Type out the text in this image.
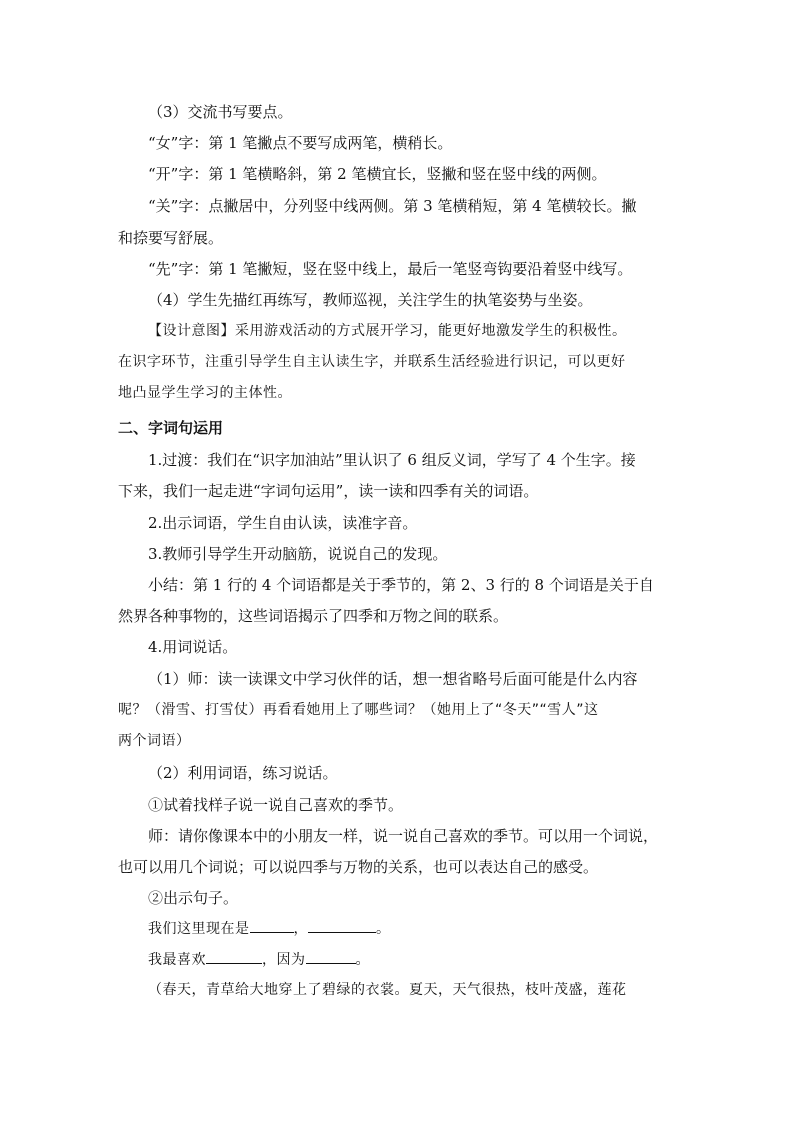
（3）交流书写要点。
“女”字：第 1 笔撇点不要写成两笔，横稍长。
“开”字：第 1 笔横略斜，第 2 笔横宜长，竖撇和竖在竖中线的两侧。
“关”字：点撇居中，分列竖中线两侧。第 3 笔横稍短，第 4 笔横较长。撇
和捺要写舒展。
“先”字：第 1 笔撇短，竖在竖中线上，最后一笔竖弯钩要沿着竖中线写。
（4）学生先描红再练写，教师巡视，关注学生的执笔姿势与坐姿。
【设计意图】采用游戏活动的方式展开学习，能更好地激发学生的积极性。
在识字环节，注重引导学生自主认读生字，并联系生活经验进行识记，可以更好
地凸显学生学习的主体性。
二、字词句运用
1.过渡：我们在“识字加油站”里认识了 6 组反义词，学写了 4 个生字。接
下来，我们一起走进“字词句运用”，读一读和四季有关的词语。
2.出示词语，学生自由认读，读准字音。
3.教师引导学生开动脑筋，说说自己的发现。
小结：第 1 行的 4 个词语都是关于季节的，第 2、3 行的 8 个词语是关于自
然界各种事物的，这些词语揭示了四季和万物之间的联系。
4.用词说话。
（1）师：读一读课文中学习伙伴的话，想一想省略号后面可能是什么内容
呢？（滑雪、打雪仗）再看看她用上了哪些词？（她用上了“冬天”“雪人”这
两个词语）
（2）利用词语，练习说话。
①试着找样子说一说自己喜欢的季节。
师：请你像课本中的小朋友一样，说一说自己喜欢的季节。可以用一个词说，
也可以用几个词说；可以说四季与万物的关系，也可以表达自己的感受。
②出示句子。
我们这里现在是	，	。
我最喜欢	，因为	。
（春天，青草给大地穿上了碧绿的衣裳。夏天，天气很热，枝叶茂盛，莲花
